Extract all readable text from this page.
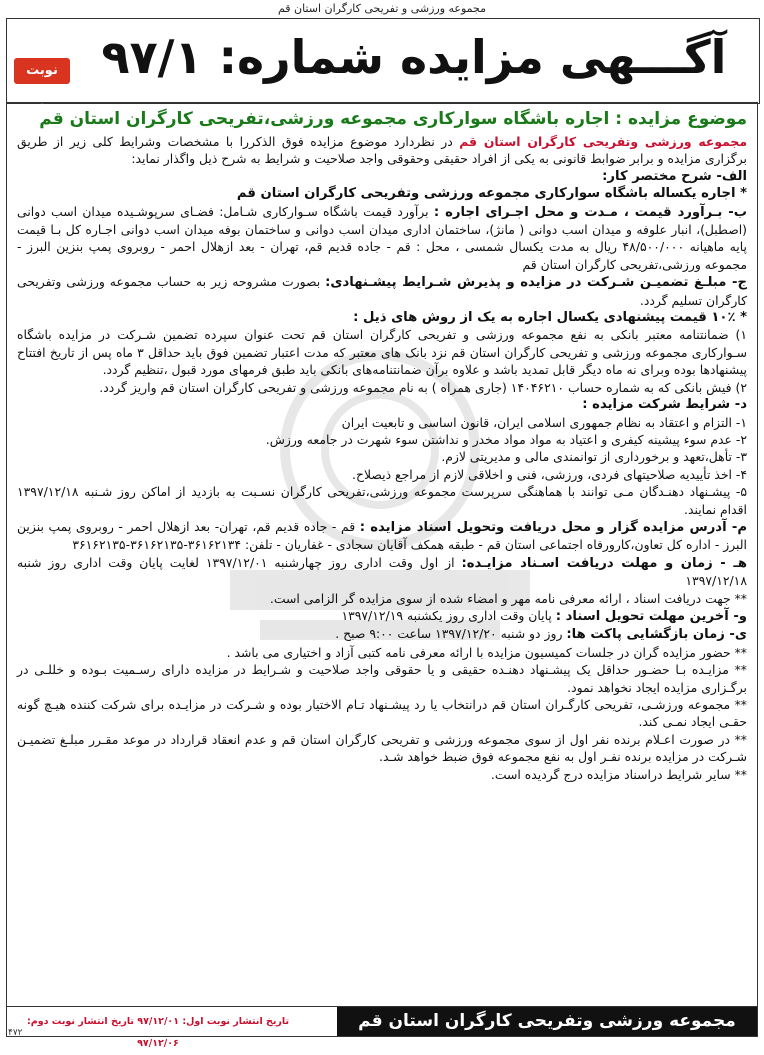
مجموعه ورزشی و تفریحی کارگران استان قم
نوبت اول
آگـــهی مزایده شماره: ۹۷/۱
موضوع مزایده : اجاره باشگاه سوارکاری مجموعه ورزشی،تفریحی کارگران استان قم

مجموعه ورزشی وتفریحی کارگران استان قم در نظردارد موضوع مزایده فوق الذکررا با مشخصات وشرایط کلی زیر از طریق برگزاری مزایده و برابر ضوابط قانونی به یکی از افراد حقیقی وحقوقی واجد صلاحیت و شرایط به شرح ذیل واگذار نماید:

الف- شرح مختصر کار:

* اجاره یکساله باشگاه سوارکاری مجموعه ورزشی وتفریحی کارگران استان قم

ب- بـرآورد قیمت ، مـدت و محل اجـرای اجاره : برآورد قیمت باشگاه سـوارکاری شـامل: فضـای سرپوشـیده میدان اسب دوانی (اصطبل)، انبار علوفه و میدان اسب دوانی ( مانژ)، ساختمان اداری میدان اسب دوانی و ساختمان بوفه میدان اسب دوانی اجـاره کل بـا قیمت پایه ماهیانه ۴۸/۵۰۰/۰۰۰ ریال به مدت یکسال شمسی ، محل : قم - جاده قدیم قم، تهران - بعد ازهلال احمر - روبروی پمپ بنزین البرز - مجموعه ورزشی،تفریحی کارگران استان قم

ج- مبلـغ تضمیـن شـرکت در مزایده و پذیرش شـرایط پیشـنهادی: بصورت مشروحه زیر به حساب مجموعه ورزشی وتفریحی کارگران تسلیم گردد.

* ۱۰٪ قیمت پیشنهادی یکسال اجاره به یک از روش های ذیل :

۱) ضمانتنامه معتبر بانکی به نفع مجموعه ورزشی و تفریحی کارگران استان قم تحت عنوان سپرده تضمین شـرکت در مزایده باشگاه سـوارکاری مجموعه ورزشی و تفریحی کارگران استان قم نزد بانک های معتبر که مدت اعتبار تضمین فوق باید حداقل ۳ ماه پس از تاریخ افتتاح پیشنهادها بوده وبرای نه ماه دیگر قابل تمدید باشد و علاوه برآن ضمانتنامه‌های بانکی باید طبق فرمهای مورد قبول ،تنظیم گردد.

۲) فیش بانکی که به شماره حساب ۱۴۰۴۶۲۱۰ (جاری همراه ) به نام مجموعه ورزشی و تفریحی کارگران استان قم واریز گردد.

د- شرایط شرکت مزایده :

۱- التزام و اعتقاد به نظام جمهوری اسلامی ایران، قانون اساسی و تابعیت ایران

۲- عدم سوء پیشینه کیفری و اعتیاد به مواد مواد مخدر و نداشتن سوء شهرت در جامعه ورزش.

۳- تأهل،تعهد و برخورداری از توانمندی مالی و مدیریتی لازم.

۴- اخذ تأییدیه صلاحیتهای فردی، ورزشی، فنی و اخلاقی لازم از مراجع ذیصلاح.

۵- پیشـنهاد دهنـدگان مـی توانند با هماهنگی سرپرست مجموعه ورزشی،تفریحی کارگران نسـبت به بازدید از اماکن روز شـنبه ۱۳۹۷/۱۲/۱۸ اقدام نمایند.

م- آدرس مزایده گزار و محل دریافت وتحویل اسناد مزایده : قم - جاده قدیم قم، تهران- بعد ازهلال احمر - روبروی پمپ بنزین البرز - اداره کل تعاون،کارورفاه اجتماعی استان قم - طبقه همکف آقایان سجادی - غفاریان - تلفن: ۳۶۱۶۲۱۳۴-۳۶۱۶۲۱۳۵-۳۶۱۶۲۱۳۵

هـ - زمان و مهلت دریافت اسـناد مزایـده: از اول وقت اداری روز چهارشنبه ۱۳۹۷/۱۲/۰۱ لغایت پایان وقت اداری روز شنبه ۱۳۹۷/۱۲/۱۸

** جهت دریافت اسناد ، ارائه معرفی نامه مهر و امضاء شده از سوی مزایده گر الزامی است.

و- آخرین مهلت تحویل اسناد : پایان وقت اداری روز یکشنبه ۱۳۹۷/۱۲/۱۹

ی- زمان بازگشایی پاکت ها: روز دو شنبه ۱۳۹۷/۱۲/۲۰ ساعت ۹:۰۰ صبح .

** حضور مزایده گران در جلسات کمیسیون مزایده با ارائه معرفی نامه کتبی آزاد و اختیاری می باشد .

** مزایـده بـا حضـور حداقل یک پیشـنهاد دهنـده حقیقی و یا حقوقی واجد صلاحیت و شـرایط در مزایده دارای رسـمیت بـوده و خللـی در برگـزاری مزایده ایجاد نخواهد نمود.

** مجموعه ورزشـی، تفریحی کارگـران استان قم درانتخاب یا رد پیشـنهاد تـام الاختیار بوده و شـرکت در مزایـده برای شرکت کننده هیـچ گونه حقـی ایجاد نمـی کند.

** در صورت اعـلام برنده نفر اول از سوی مجموعه ورزشی و تفریحی کارگران استان قم و عدم انعقاد قرارداد در موعد مقـرر مبلـغ تضمیـن شـرکت در مزایده برنده نفـر اول به نفع مجموعه فوق ضبط خواهد شـد.

** سایر شرایط دراسناد مزایده درج گردیده است.

تاریخ انتشار نوبت اول: ۹۷/۱۲/۰۱ تاریخ انتشار نوبت دوم: ۹۷/۱۲/۰۶
مجموعه ورزشی وتفریحی کارگران استان قم
۴۷۲
